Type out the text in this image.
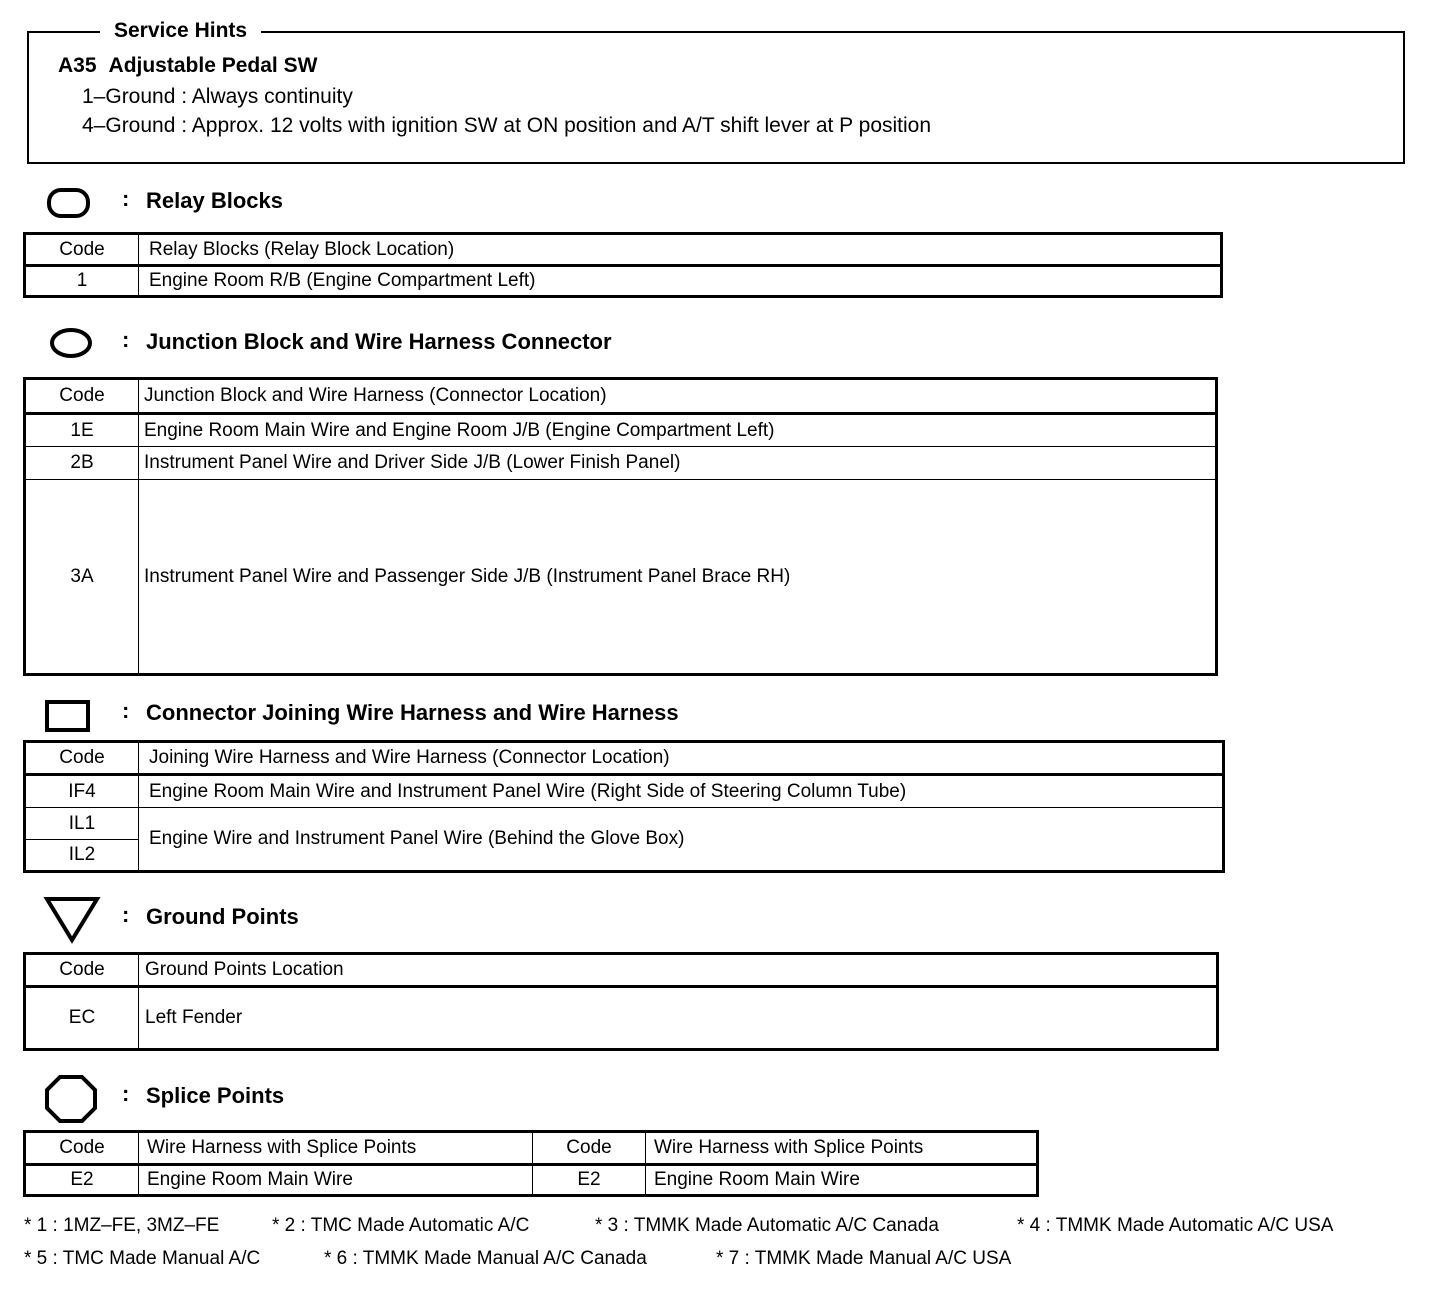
Service Hints
A35 Adjustable Pedal SW
1–Ground : Always continuity
4–Ground : Approx. 12 volts with ignition SW at ON position and A/T shift lever at P position
: Relay Blocks
Code	Relay Blocks (Relay Block Location)
1	Engine Room R/B (Engine Compartment Left)
: Junction Block and Wire Harness Connector
Code	Junction Block and Wire Harness (Connector Location)
1E	Engine Room Main Wire and Engine Room J/B (Engine Compartment Left)
2B	Instrument Panel Wire and Driver Side J/B (Lower Finish Panel)
3A	Instrument Panel Wire and Passenger Side J/B (Instrument Panel Brace RH)
: Connector Joining Wire Harness and Wire Harness
Code	Joining Wire Harness and Wire Harness (Connector Location)
IF4	Engine Room Main Wire and Instrument Panel Wire (Right Side of Steering Column Tube)
IL1	Engine Wire and Instrument Panel Wire (Behind the Glove Box)
IL2	
: Ground Points
Code	Ground Points Location
EC	Left Fender
: Splice Points
Code	Wire Harness with Splice Points	Code	Wire Harness with Splice Points
E2	Engine Room Main Wire	E2	Engine Room Main Wire
* 1 : 1MZ–FE, 3MZ–FE	* 2 : TMC Made Automatic A/C	* 3 : TMMK Made Automatic A/C Canada	* 4 : TMMK Made Automatic A/C USA
* 5 : TMC Made Manual A/C	* 6 : TMMK Made Manual A/C Canada	* 7 : TMMK Made Manual A/C USA
